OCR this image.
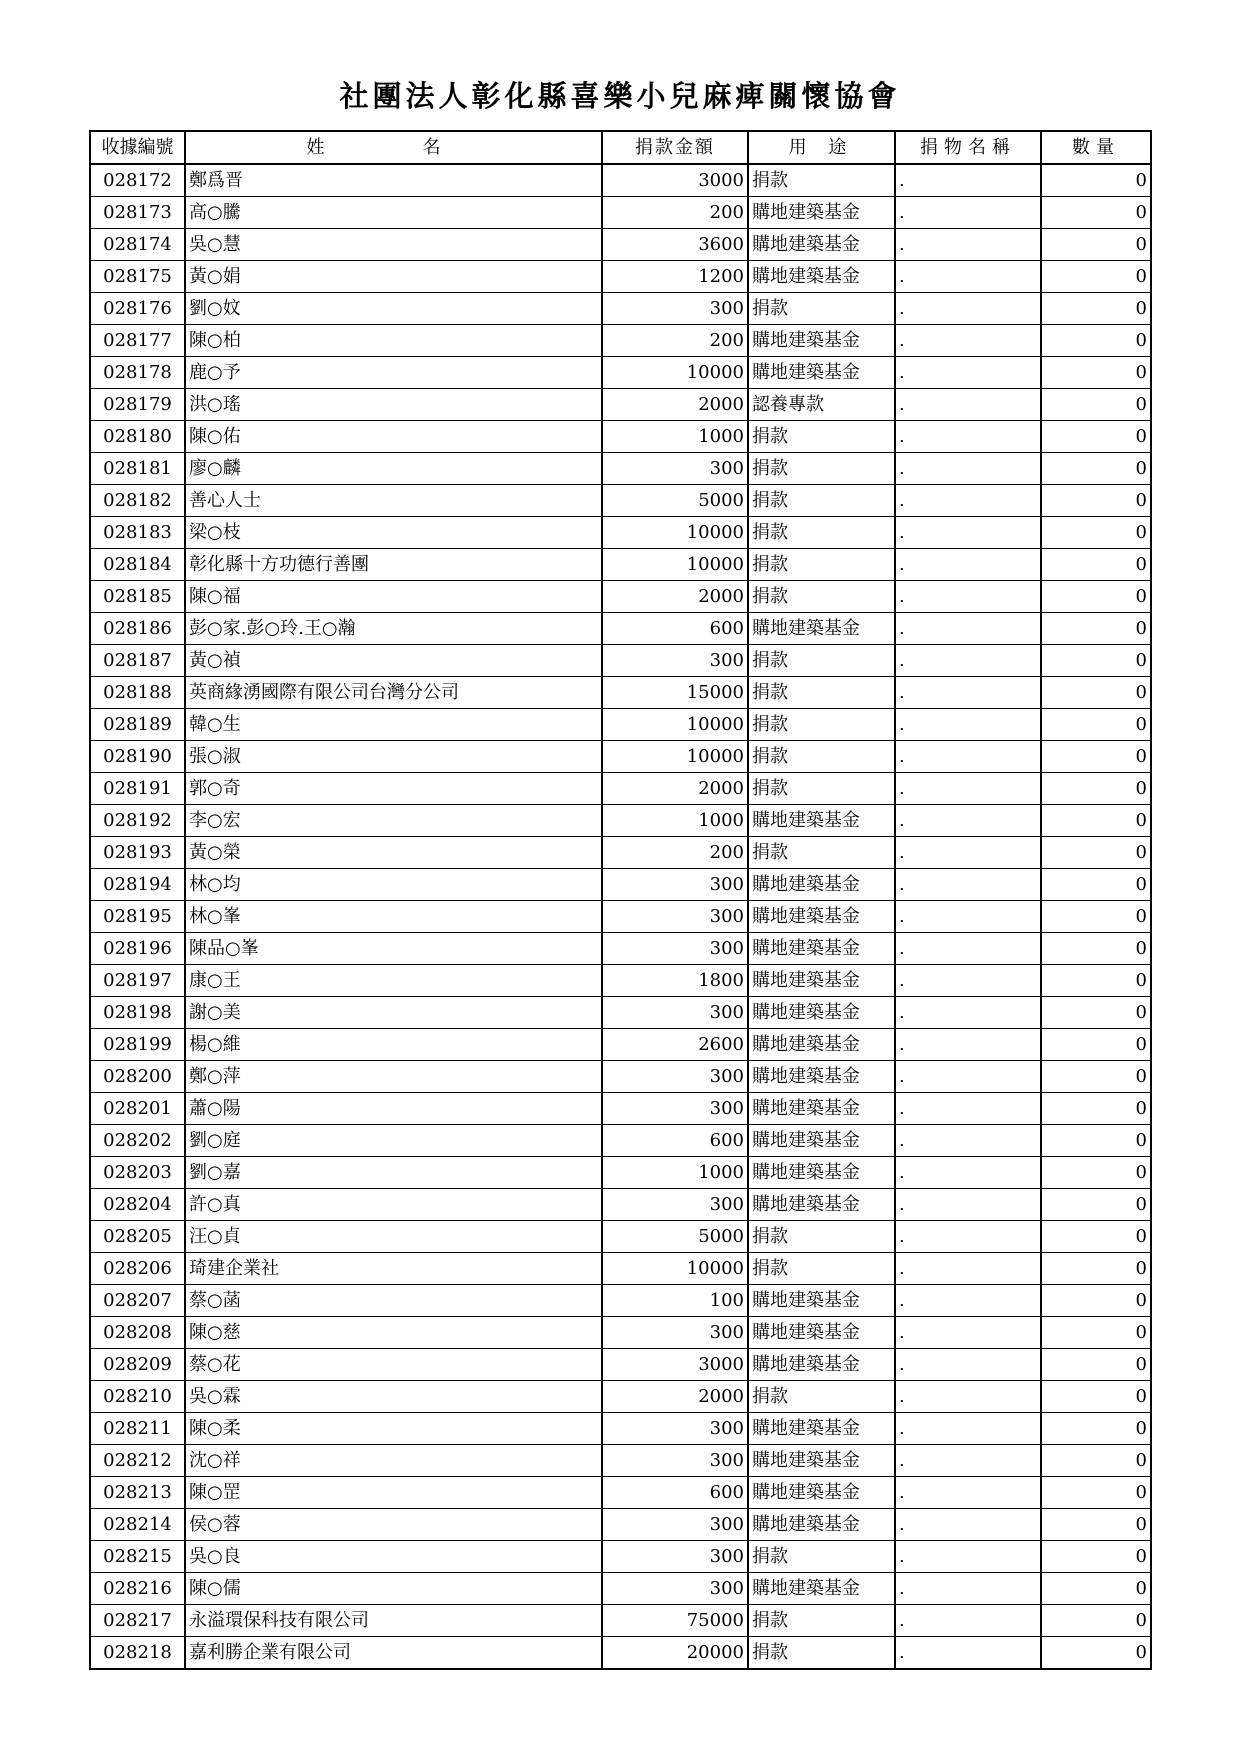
社團法人彰化縣喜樂小兒麻痺關懷協會
收據編號	姓　名	捐款金額	用 途	捐物名稱	數量
028172	鄭爲晋	3000	捐款	.	0
028173	高○騰	200	購地建築基金	.	0
028174	吳○慧	3600	購地建築基金	.	0
028175	黃○娟	1200	購地建築基金	.	0
028176	劉○妏	300	捐款	.	0
028177	陳○柏	200	購地建築基金	.	0
028178	鹿○予	10000	購地建築基金	.	0
028179	洪○瑤	2000	認養專款	.	0
028180	陳○佑	1000	捐款	.	0
028181	廖○麟	300	捐款	.	0
028182	善心人士	5000	捐款	.	0
028183	梁○枝	10000	捐款	.	0
028184	彰化縣十方功德行善團	10000	捐款	.	0
028185	陳○福	2000	捐款	.	0
028186	彭○家.彭○玲.王○瀚	600	購地建築基金	.	0
028187	黃○禎	300	捐款	.	0
028188	英商緣湧國際有限公司台灣分公司	15000	捐款	.	0
028189	韓○生	10000	捐款	.	0
028190	張○淑	10000	捐款	.	0
028191	郭○奇	2000	捐款	.	0
028192	李○宏	1000	購地建築基金	.	0
028193	黃○榮	200	捐款	.	0
028194	林○均	300	購地建築基金	.	0
028195	林○峯	300	購地建築基金	.	0
028196	陳品○峯	300	購地建築基金	.	0
028197	康○王	1800	購地建築基金	.	0
028198	謝○美	300	購地建築基金	.	0
028199	楊○維	2600	購地建築基金	.	0
028200	鄭○萍	300	購地建築基金	.	0
028201	蕭○陽	300	購地建築基金	.	0
028202	劉○庭	600	購地建築基金	.	0
028203	劉○嘉	1000	購地建築基金	.	0
028204	許○真	300	購地建築基金	.	0
028205	汪○貞	5000	捐款	.	0
028206	琦建企業社	10000	捐款	.	0
028207	蔡○菡	100	購地建築基金	.	0
028208	陳○慈	300	購地建築基金	.	0
028209	蔡○花	3000	購地建築基金	.	0
028210	吳○霖	2000	捐款	.	0
028211	陳○柔	300	購地建築基金	.	0
028212	沈○祥	300	購地建築基金	.	0
028213	陳○罡	600	購地建築基金	.	0
028214	侯○蓉	300	購地建築基金	.	0
028215	吳○良	300	捐款	.	0
028216	陳○儒	300	購地建築基金	.	0
028217	永溢環保科技有限公司	75000	捐款	.	0
028218	嘉利勝企業有限公司	20000	捐款	.	0
